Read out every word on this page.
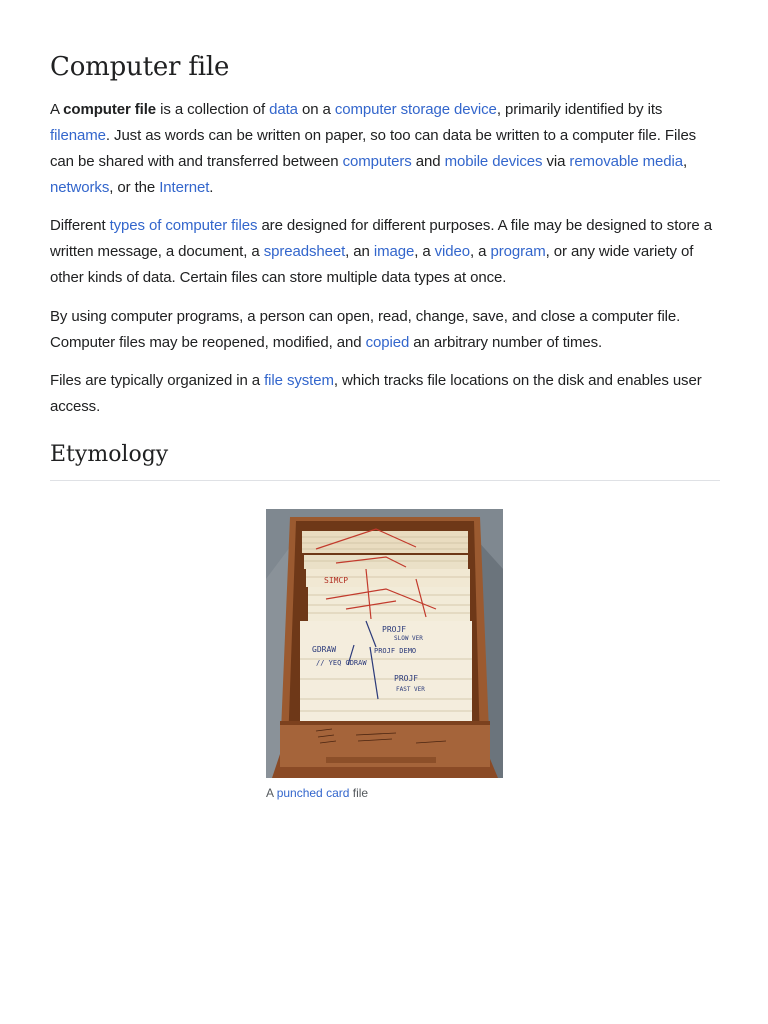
Computer file

A computer file is a collection of data on a computer storage device, primarily identified by its filename. Just as words can be written on paper, so too can data be written to a computer file. Files can be shared with and transferred between computers and mobile devices via removable media, networks, or the Internet.

Different types of computer files are designed for different purposes. A file may be designed to store a written message, a document, a spreadsheet, an image, a video, a program, or any wide variety of other kinds of data. Certain files can store multiple data types at once.

By using computer programs, a person can open, read, change, save, and close a computer file. Computer files may be reopened, modified, and copied an arbitrary number of times.

Files are typically organized in a file system, which tracks file locations on the disk and enables user access.

Etymology
SIMCP
PROJF
SLOW VER
GDRAW	PROJF DEMO
// YEQ GDRAW
PROJF
FAST VER
A punched card file
